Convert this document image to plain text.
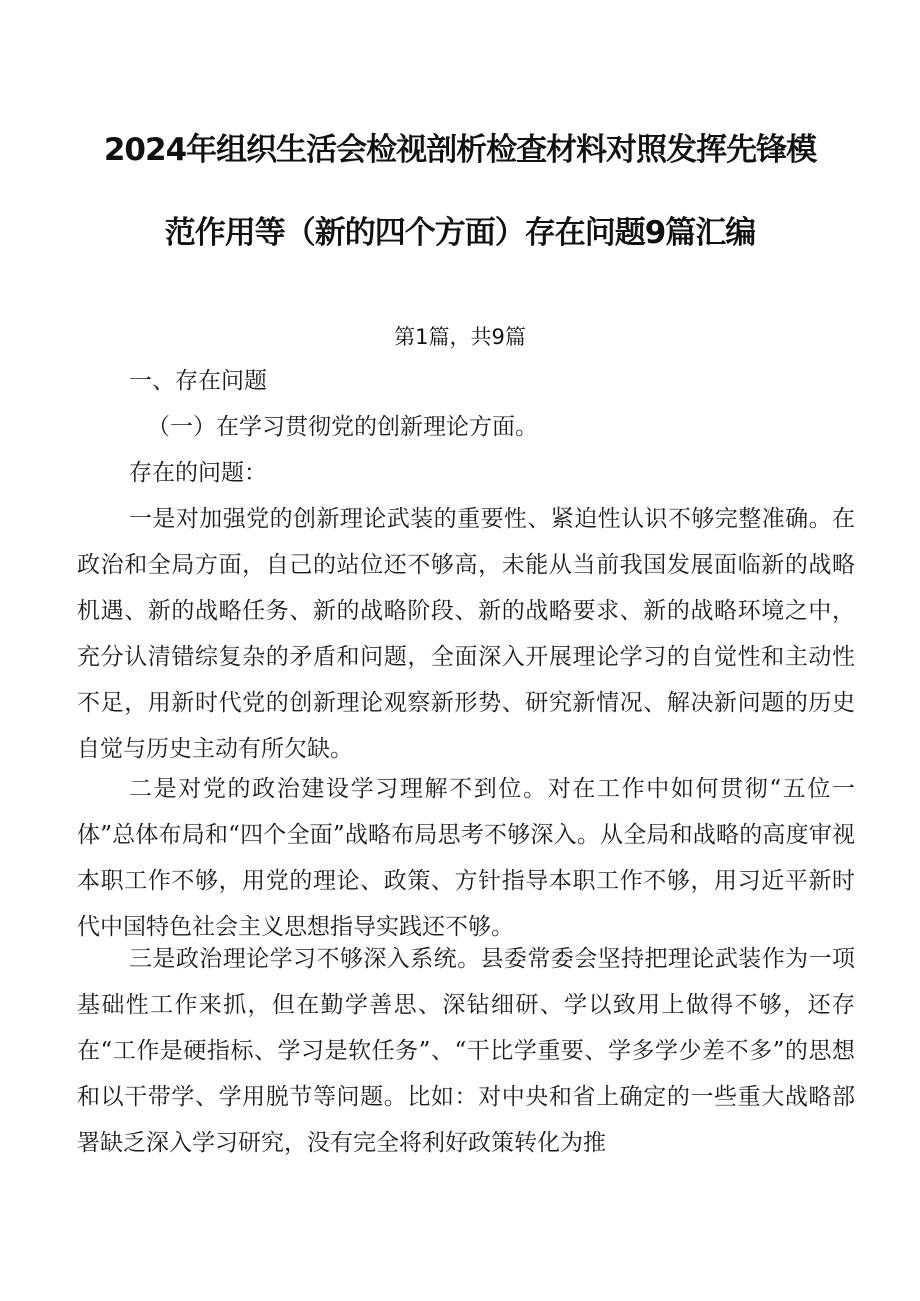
2024年组织生活会检视剖析检查材料对照发挥先锋模
范作用等（新的四个方面）存在问题9篇汇编
第1篇，共9篇
一、存在问题
（一）在学习贯彻党的创新理论方面。
存在的问题：
一是对加强党的创新理论武装的重要性、紧迫性认识不够完整准确。在政治和全局方面，自己的站位还不够高，未能从当前我国发展面临新的战略机遇、新的战略任务、新的战略阶段、新的战略要求、新的战略环境之中，充分认清错综复杂的矛盾和问题，全面深入开展理论学习的自觉性和主动性不足，用新时代党的创新理论观察新形势、研究新情况、解决新问题的历史自觉与历史主动有所欠缺。
二是对党的政治建设学习理解不到位。对在工作中如何贯彻“五位一体”总体布局和“四个全面”战略布局思考不够深入。从全局和战略的高度审视本职工作不够，用党的理论、政策、方针指导本职工作不够，用习近平新时代中国特色社会主义思想指导实践还不够。
三是政治理论学习不够深入系统。县委常委会坚持把理论武装作为一项基础性工作来抓，但在勤学善思、深钻细研、学以致用上做得不够，还存在“工作是硬指标、学习是软任务”、“干比学重要、学多学少差不多”的思想和以干带学、学用脱节等问题。比如：对中央和省上确定的一些重大战略部署缺乏深入学习研究，没有完全将利好政策转化为推
